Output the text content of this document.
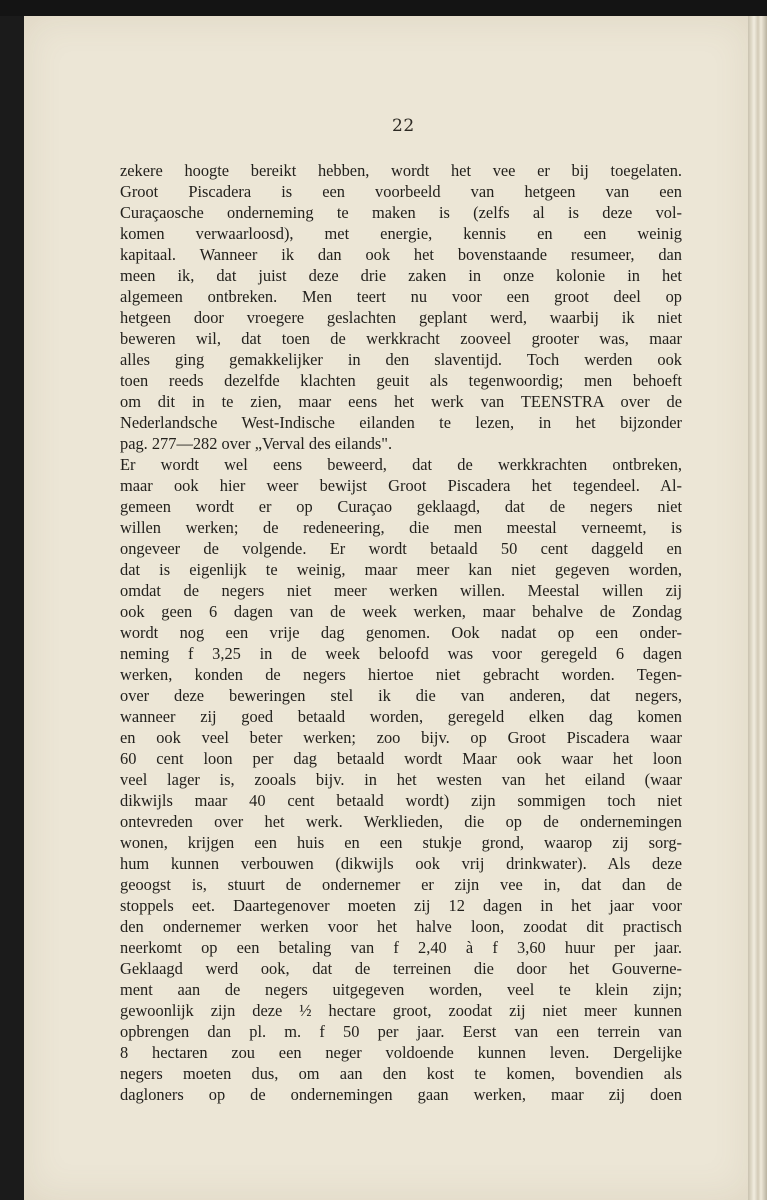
22
zekere hoogte bereikt hebben, wordt het vee er bij toegelaten.
Groot Piscadera is een voorbeeld van hetgeen van een
Curaçaosche onderneming te maken is (zelfs al is deze vol-
komen verwaarloosd), met energie, kennis en een weinig
kapitaal. Wanneer ik dan ook het bovenstaande resumeer, dan
meen ik, dat juist deze drie zaken in onze kolonie in het
algemeen ontbreken. Men teert nu voor een groot deel op
hetgeen door vroegere geslachten geplant werd, waarbij ik niet
beweren wil, dat toen de werkkracht zooveel grooter was, maar
alles ging gemakkelijker in den slaventijd. Toch werden ook
toen reeds dezelfde klachten geuit als tegenwoordig; men behoeft
om dit in te zien, maar eens het werk van TEENSTRA over de
Nederlandsche West-Indische eilanden te lezen, in het bijzonder
pag. 277—282 over „Verval des eilands".
Er wordt wel eens beweerd, dat de werkkrachten ontbreken,
maar ook hier weer bewijst Groot Piscadera het tegendeel. Al-
gemeen wordt er op Curaçao geklaagd, dat de negers niet
willen werken; de redeneering, die men meestal verneemt, is
ongeveer de volgende. Er wordt betaald 50 cent daggeld en
dat is eigenlijk te weinig, maar meer kan niet gegeven worden,
omdat de negers niet meer werken willen. Meestal willen zij
ook geen 6 dagen van de week werken, maar behalve de Zondag
wordt nog een vrije dag genomen. Ook nadat op een onder-
neming f 3,25 in de week beloofd was voor geregeld 6 dagen
werken, konden de negers hiertoe niet gebracht worden. Tegen-
over deze beweringen stel ik die van anderen, dat negers,
wanneer zij goed betaald worden, geregeld elken dag komen
en ook veel beter werken; zoo bijv. op Groot Piscadera waar
60 cent loon per dag betaald wordt Maar ook waar het loon
veel lager is, zooals bijv. in het westen van het eiland (waar
dikwijls maar 40 cent betaald wordt) zijn sommigen toch niet
ontevreden over het werk. Werklieden, die op de ondernemingen
wonen, krijgen een huis en een stukje grond, waarop zij sorg-
hum kunnen verbouwen (dikwijls ook vrij drinkwater). Als deze
geoogst is, stuurt de ondernemer er zijn vee in, dat dan de
stoppels eet. Daartegenover moeten zij 12 dagen in het jaar voor
den ondernemer werken voor het halve loon, zoodat dit practisch
neerkomt op een betaling van f 2,40 à f 3,60 huur per jaar.
Geklaagd werd ook, dat de terreinen die door het Gouverne-
ment aan de negers uitgegeven worden, veel te klein zijn;
gewoonlijk zijn deze ½ hectare groot, zoodat zij niet meer kunnen
opbrengen dan pl. m. f 50 per jaar. Eerst van een terrein van
8 hectaren zou een neger voldoende kunnen leven. Dergelijke
negers moeten dus, om aan den kost te komen, bovendien als
dagloners op de ondernemingen gaan werken, maar zij doen
